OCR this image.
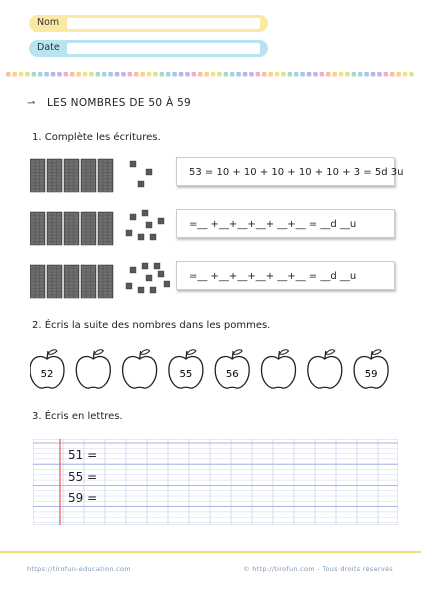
Nom
Date
⇀ LES NOMBRES DE 50 À 59
1. Complète les écritures.
53 = 10 + 10 + 10 + 10 + 10 + 3 = 5d 3u
=__ +__+__+__+ __+__ = __d __u
=__ +__+__+__+ __+__ = __d __u
2. Écris la suite des nombres dans les pommes.
52	55	56	59
3. Écris en lettres.
51 =
55 =
59 =
https://tirofun-education.com	© http://tirofun.com - Tous droits réservés
